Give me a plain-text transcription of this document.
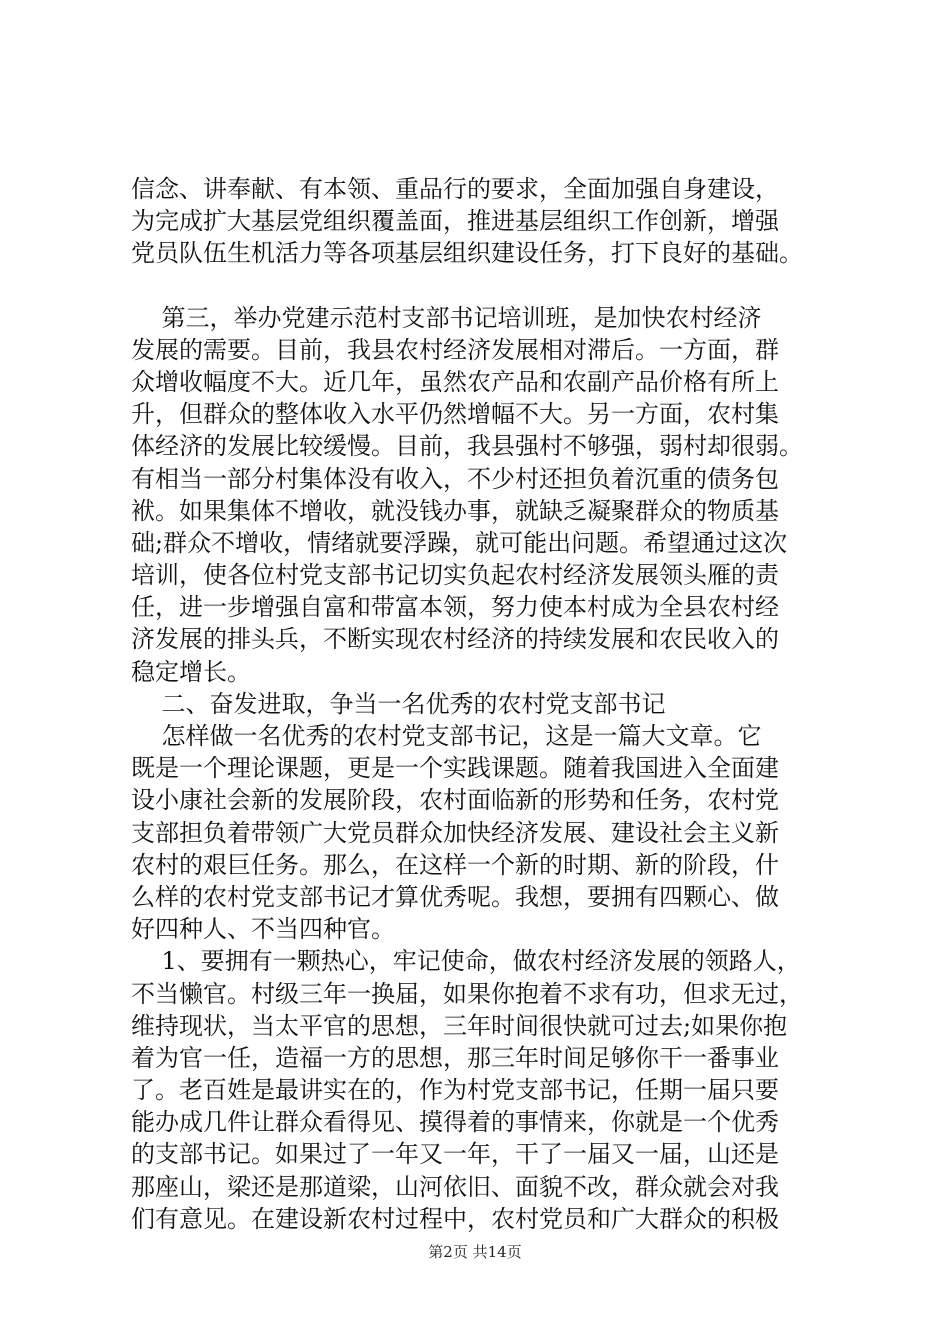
信念、讲奉献、有本领、重品行的要求，全面加强自身建设，
为完成扩大基层党组织覆盖面，推进基层组织工作创新，增强
党员队伍生机活力等各项基层组织建设任务，打下良好的基础。
第三，举办党建示范村支部书记培训班，是加快农村经济
发展的需要。目前，我县农村经济发展相对滞后。一方面，群
众增收幅度不大。近几年，虽然农产品和农副产品价格有所上
升，但群众的整体收入水平仍然增幅不大。另一方面，农村集
体经济的发展比较缓慢。目前，我县强村不够强，弱村却很弱。
有相当一部分村集体没有收入，不少村还担负着沉重的债务包
袱。如果集体不增收，就没钱办事，就缺乏凝聚群众的物质基
础;群众不增收，情绪就要浮躁，就可能出问题。希望通过这次
培训，使各位村党支部书记切实负起农村经济发展领头雁的责
任，进一步增强自富和带富本领，努力使本村成为全县农村经
济发展的排头兵，不断实现农村经济的持续发展和农民收入的
稳定增长。
二、奋发进取，争当一名优秀的农村党支部书记
怎样做一名优秀的农村党支部书记，这是一篇大文章。它
既是一个理论课题，更是一个实践课题。随着我国进入全面建
设小康社会新的发展阶段，农村面临新的形势和任务，农村党
支部担负着带领广大党员群众加快经济发展、建设社会主义新
农村的艰巨任务。那么，在这样一个新的时期、新的阶段，什
么样的农村党支部书记才算优秀呢。我想，要拥有四颗心、做
好四种人、不当四种官。
1、要拥有一颗热心，牢记使命，做农村经济发展的领路人，
不当懒官。村级三年一换届，如果你抱着不求有功，但求无过，
维持现状，当太平官的思想，三年时间很快就可过去;如果你抱
着为官一任，造福一方的思想，那三年时间足够你干一番事业
了。老百姓是最讲实在的，作为村党支部书记，任期一届只要
能办成几件让群众看得见、摸得着的事情来，你就是一个优秀
的支部书记。如果过了一年又一年，干了一届又一届，山还是
那座山，梁还是那道梁，山河依旧、面貌不改，群众就会对我
们有意见。在建设新农村过程中，农村党员和广大群众的积极
第2页 共14页
